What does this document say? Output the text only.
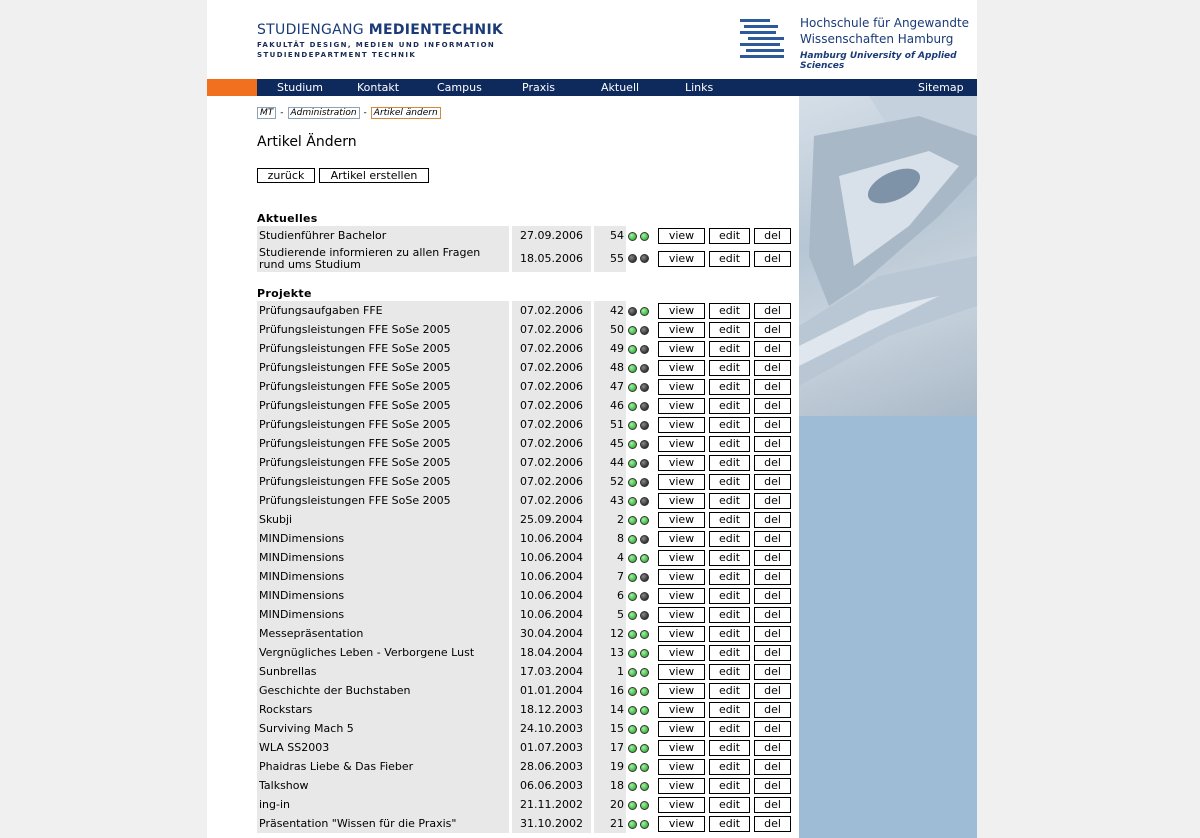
STUDIENGANG MEDIENTECHNIK
FAKULTÄT DESIGN, MEDIEN UND INFORMATION
STUDIENDEPARTMENT TECHNIK
Hochschule für Angewandte
Wissenschaften Hamburg
Hamburg University of Applied Sciences
Studium	Kontakt	Campus	Praxis	Aktuell	Links	Sitemap
MT - Administration - Artikel ändern
Artikel Ändern
zurück	Artikel erstellen
Aktuelles
Studienführer Bachelor	27.09.2006	54		view edit del
Studierende informieren zu allen Fragen rund ums Studium	18.05.2006	55		view edit del
Projekte
Prüfungsaufgaben FFE	07.02.2006	42		view edit del
Prüfungsleistungen FFE SoSe 2005	07.02.2006	50		view edit del
Prüfungsleistungen FFE SoSe 2005	07.02.2006	49		view edit del
Prüfungsleistungen FFE SoSe 2005	07.02.2006	48		view edit del
Prüfungsleistungen FFE SoSe 2005	07.02.2006	47		view edit del
Prüfungsleistungen FFE SoSe 2005	07.02.2006	46		view edit del
Prüfungsleistungen FFE SoSe 2005	07.02.2006	51		view edit del
Prüfungsleistungen FFE SoSe 2005	07.02.2006	45		view edit del
Prüfungsleistungen FFE SoSe 2005	07.02.2006	44		view edit del
Prüfungsleistungen FFE SoSe 2005	07.02.2006	52		view edit del
Prüfungsleistungen FFE SoSe 2005	07.02.2006	43		view edit del
Skubji	25.09.2004	2		view edit del
MINDimensions	10.06.2004	8		view edit del
MINDimensions	10.06.2004	4		view edit del
MINDimensions	10.06.2004	7		view edit del
MINDimensions	10.06.2004	6		view edit del
MINDimensions	10.06.2004	5		view edit del
Messepräsentation	30.04.2004	12		view edit del
Vergnügliches Leben - Verborgene Lust	18.04.2004	13		view edit del
Sunbrellas	17.03.2004	1		view edit del
Geschichte der Buchstaben	01.01.2004	16		view edit del
Rockstars	18.12.2003	14		view edit del
Surviving Mach 5	24.10.2003	15		view edit del
WLA SS2003	01.07.2003	17		view edit del
Phaidras Liebe & Das Fieber	28.06.2003	19		view edit del
Talkshow	06.06.2003	18		view edit del
ing-in	21.11.2002	20		view edit del
Präsentation "Wissen für die Praxis"	31.10.2002	21		view edit del
